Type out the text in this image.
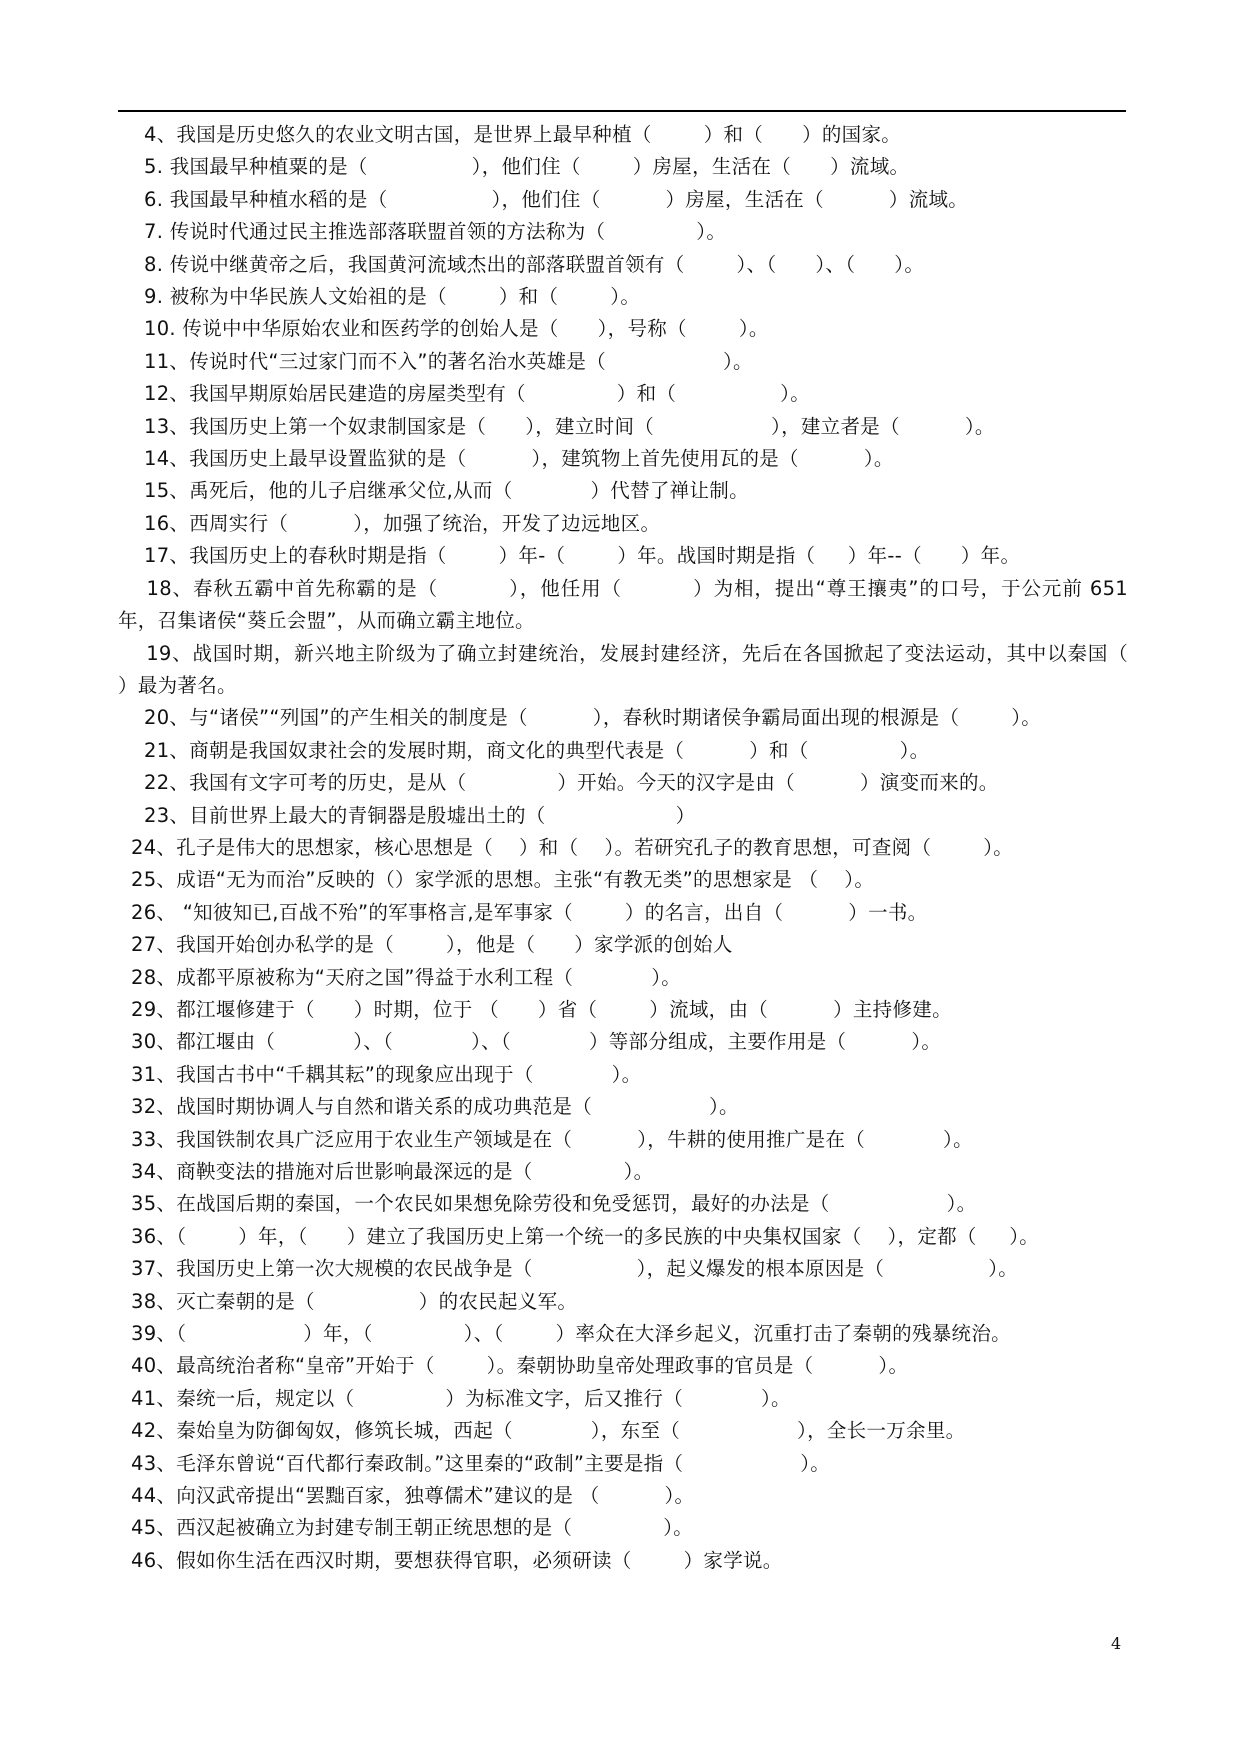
4、我国是历史悠久的农业文明古国，是世界上最早种植（        ）和（      ）的国家。
5. 我国最早种植粟的是（                ），他们住（        ）房屋，生活在（      ）流域。
6. 我国最早种植水稻的是（                ），他们住（          ）房屋，生活在（          ）流域。
7. 传说时代通过民主推选部落联盟首领的方法称为（              ）。
8. 传说中继黄帝之后，我国黄河流域杰出的部落联盟首领有（        ）、（      ）、（      ）。
9. 被称为中华民族人文始祖的是（        ）和（        ）。
10. 传说中中华原始农业和医药学的创始人是（      ），号称（        ）。
11、传说时代“三过家门而不入”的著名治水英雄是（                  ）。
12、我国早期原始居民建造的房屋类型有（              ）和（                ）。
13、我国历史上第一个奴隶制国家是（      ），建立时间（                  ），建立者是（          ）。
14、我国历史上最早设置监狱的是（          ），建筑物上首先使用瓦的是（          ）。
15、禹死后，他的儿子启继承父位,从而（            ）代替了禅让制。
16、西周实行（          ），加强了统治，开发了边远地区。
17、我国历史上的春秋时期是指（        ）年-（        ）年。战国时期是指（     ）年--（      ）年。
18、春秋五霸中首先称霸的是（          ），他任用（          ）为相，提出“尊王攘夷”的口号，于公元前 651 年，召集诸侯“葵丘会盟”，从而确立霸主地位。
19、战国时期，新兴地主阶级为了确立封建统治，发展封建经济，先后在各国掀起了变法运动，其中以秦国（              ）最为著名。
20、与“诸侯”“列国”的产生相关的制度是（          ），春秋时期诸侯争霸局面出现的根源是（        ）。
21、商朝是我国奴隶社会的发展时期，商文化的典型代表是（          ）和（              ）。
22、我国有文字可考的历史，是从（              ）开始。今天的汉字是由（          ）演变而来的。
23、目前世界上最大的青铜器是殷墟出土的（                    ）
24、孔子是伟大的思想家，核心思想是（    ）和（    ）。若研究孔子的教育思想，可查阅（        ）。
25、成语“无为而治”反映的（）家学派的思想。主张“有教无类”的思想家是 （    ）。
26、 “知彼知已,百战不殆”的军事格言,是军事家（        ）的名言，出自（          ）一书。
27、我国开始创办私学的是（        ），他是（      ）家学派的创始人
28、成都平原被称为“天府之国”得益于水利工程（            ）。
29、都江堰修建于（      ）时期，位于 （      ）省（        ）流域，由（          ）主持修建。
30、都江堰由（            ）、（            ）、（            ）等部分组成，主要作用是（          ）。
31、我国古书中“千耦其耘”的现象应出现于（            ）。
32、战国时期协调人与自然和谐关系的成功典范是（                  ）。
33、我国铁制农具广泛应用于农业生产领域是在（          ），牛耕的使用推广是在（            ）。
34、商鞅变法的措施对后世影响最深远的是（              ）。
35、在战国后期的秦国，一个农民如果想免除劳役和免受惩罚，最好的办法是（                  ）。
36、（        ）年，（      ）建立了我国历史上第一个统一的多民族的中央集权国家（    ），定都（     ）。
37、我国历史上第一次大规模的农民战争是（                ），起义爆发的根本原因是（                ）。
38、灭亡秦朝的是（                ）的农民起义军。
39、（                  ）年，（              ）、（        ）率众在大泽乡起义，沉重打击了秦朝的残暴统治。
40、最高统治者称“皇帝”开始于（        ）。秦朝协助皇帝处理政事的官员是（          ）。
41、秦统一后，规定以（              ）为标准文字，后又推行（            ）。
42、秦始皇为防御匈奴，修筑长城，西起（            ），东至（                  ），全长一万余里。
43、毛泽东曾说“百代都行秦政制。”这里秦的“政制”主要是指（                  ）。
44、向汉武帝提出“罢黜百家，独尊儒术”建议的是 （          ）。
45、西汉起被确立为封建专制王朝正统思想的是（              ）。
46、假如你生活在西汉时期，要想获得官职，必须研读（        ）家学说。
4
